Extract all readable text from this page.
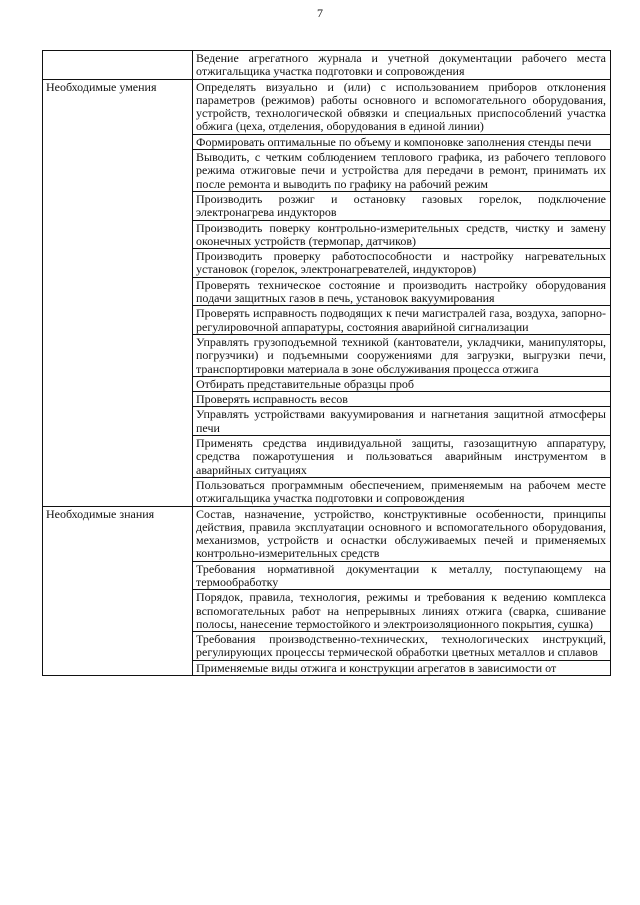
7
	Ведение агрегатного журнала и учетной документации рабочего места отжигальщика участка подготовки и сопровождения
Необходимые умения	Определять визуально и (или) с использованием приборов отклонения параметров (режимов) работы основного и вспомогательного оборудования, устройств, технологической обвязки и специальных приспособлений участка обжига (цеха, отделения, оборудования в единой линии)
	Формировать оптимальные по объему и компоновке заполнения стенды печи
	Выводить, с четким соблюдением теплового графика, из рабочего теплового режима отжиговые печи и устройства для передачи в ремонт, принимать их после ремонта и выводить по графику на рабочий режим
	Производить розжиг и остановку газовых горелок, подключение электронагрева индукторов
	Производить поверку контрольно-измерительных средств, чистку и замену оконечных устройств (термопар, датчиков)
	Производить проверку работоспособности и настройку нагревательных установок (горелок, электронагревателей, индукторов)
	Проверять техническое состояние и производить настройку оборудования подачи защитных газов в печь, установок вакуумирования
	Проверять исправность подводящих к печи магистралей газа, воздуха, запорно-регулировочной аппаратуры, состояния аварийной сигнализации
	Управлять грузоподъемной техникой (кантователи, укладчики, манипуляторы, погрузчики) и подъемными сооружениями для загрузки, выгрузки печи, транспортировки материала в зоне обслуживания процесса отжига
	Отбирать представительные образцы проб
	Проверять исправность весов
	Управлять устройствами вакуумирования и нагнетания защитной атмосферы печи
	Применять средства индивидуальной защиты, газозащитную аппаратуру, средства пожаротушения и пользоваться аварийным инструментом в аварийных ситуациях
	Пользоваться программным обеспечением, применяемым на рабочем месте отжигальщика участка подготовки и сопровождения
Необходимые знания	Состав, назначение, устройство, конструктивные особенности, принципы действия, правила эксплуатации основного и вспомогательного оборудования, механизмов, устройств и оснастки обслуживаемых печей и применяемых контрольно-измерительных средств
	Требования нормативной документации к металлу, поступающему на термообработку
	Порядок, правила, технология, режимы и требования к ведению комплекса вспомогательных работ на непрерывных линиях отжига (сварка, сшивание полосы, нанесение термостойкого и электроизоляционного покрытия, сушка)
	Требования производственно-технических, технологических инструкций, регулирующих процессы термической обработки цветных металлов и сплавов
	Применяемые виды отжига и конструкции агрегатов в зависимости от
